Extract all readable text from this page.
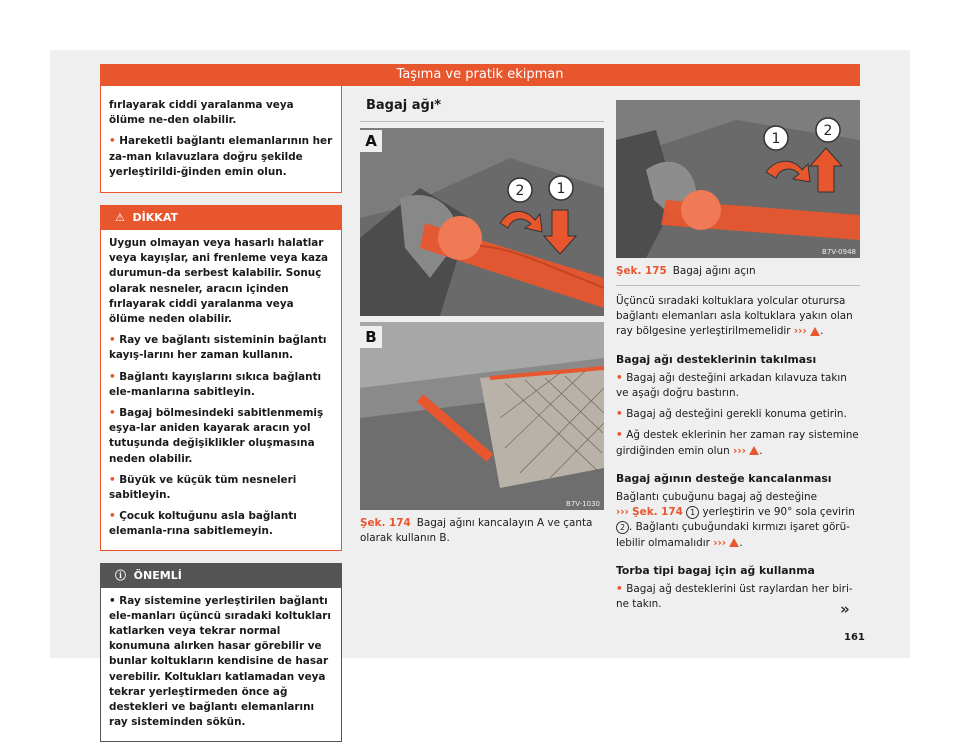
Taşıma ve pratik ekipman

fırlayarak ciddi yaralanma veya ölüme ne-den olabilir.

• Hareketli bağlantı elemanlarının her za-man kılavuzlara doğru şekilde yerleştirildi-ğinden emin olun.

⚠ DİKKAT

Uygun olmayan veya hasarlı halatlar veya kayışlar, ani frenleme veya kaza durumun-da serbest kalabilir. Sonuç olarak nesneler, aracın içinden fırlayarak ciddi yaralanma veya ölüme neden olabilir.

• Ray ve bağlantı sisteminin bağlantı kayış-larını her zaman kullanın.

• Bağlantı kayışlarını sıkıca bağlantı ele-manlarına sabitleyin.

• Bagaj bölmesindeki sabitlenmemiş eşya-lar aniden kayarak aracın yol tutuşunda değişiklikler oluşmasına neden olabilir.

• Büyük ve küçük tüm nesneleri sabitleyin.

• Çocuk koltuğunu asla bağlantı elemanla-rına sabitlemeyin.

ⓘ ÖNEMLİ

• Ray sistemine yerleştirilen bağlantı ele-manları üçüncü sıradaki koltukları katlarken veya tekrar normal konumuna alırken hasar görebilir ve bunlar koltukların kendisine de hasar verebilir. Koltukları katlamadan veya tekrar yerleştirmeden önce ağ destekleri ve bağlantı elemanlarını ray sisteminden sökün.

Bagaj ağı*
2 1
B7V-1030
A
B
Şek. 174 Bagaj ağını kancalayın A ve çanta olarak kullanın B.
1	2
B7V-0948
Şek. 175 Bagaj ağını açın

Üçüncü sıradaki koltuklara yolcular oturursa bağlantı elemanları asla koltuklara yakın olan ray bölgesine yerleştirilmemelidir ››› .

Bagaj ağı desteklerinin takılması

• Bagaj ağı desteğini arkadan kılavuza takın ve aşağı doğru bastırın.

• Bagaj ağ desteğini gerekli konuma getirin.

• Ağ destek eklerinin her zaman ray sistemine girdiğinden emin olun ››› .

Bagaj ağının desteğe kancalanması

Bağlantı çubuğunu bagaj ağ desteğine
››› Şek. 174 1 yerleştirin ve 90° sola çevirin 2 . Bağlantı çubuğundaki kırmızı işaret görü-lebilir olmamalıdır ››› .

Torba tipi bagaj için ağ kullanma

• Bagaj ağ desteklerini üst raylardan her biri-ne takın.	»
161
